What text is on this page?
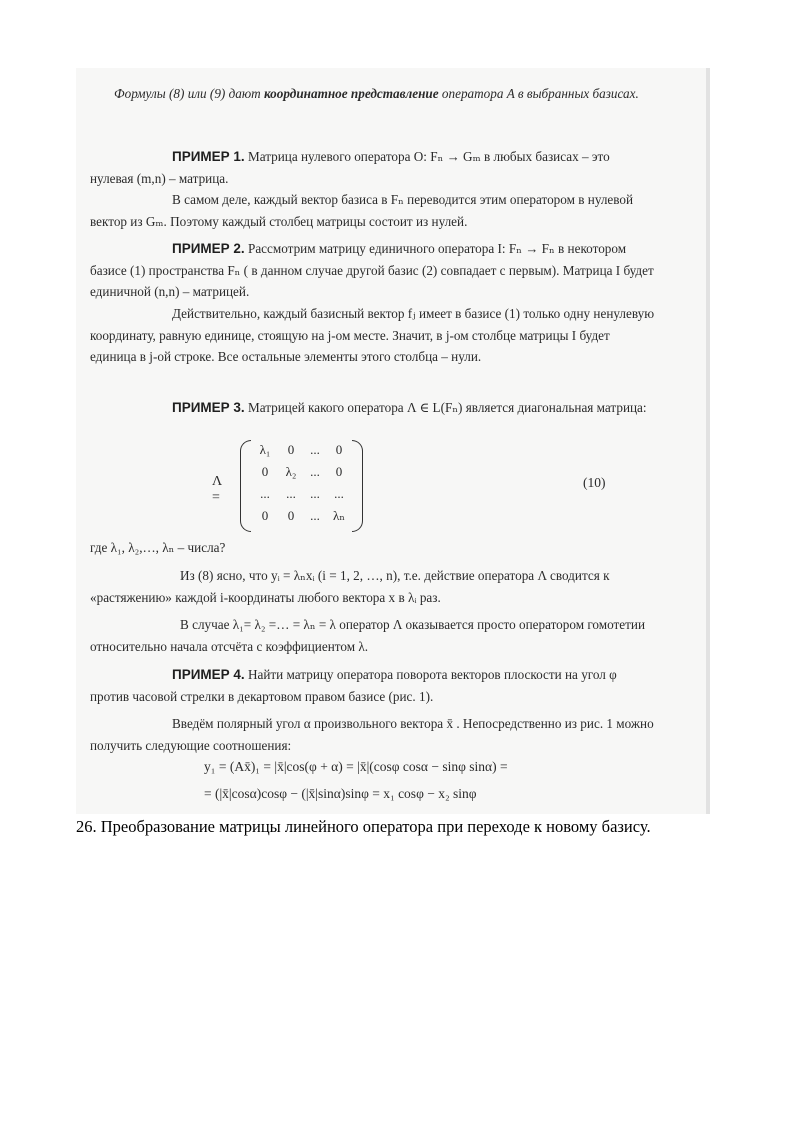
Формулы (8) или (9) дают координатное представление оператора A в выбранных базисах.

ПРИМЕР 1. Матрица нулевого оператора O: Fₙ → Gₘ в любых базисах – это нулевая (m,n) – матрица.

В самом деле, каждый вектор базиса в Fₙ переводится этим оператором в нулевой вектор из Gₘ. Поэтому каждый столбец матрицы состоит из нулей.

ПРИМЕР 2. Рассмотрим матрицу единичного оператора I: Fₙ → Fₙ в некотором базисе (1) пространства Fₙ ( в данном случае другой базис (2) совпадает с первым). Матрица I будет единичной (n,n) – матрицей.

Действительно, каждый базисный вектор fⱼ имеет в базисе (1) только одну ненулевую координату, равную единице, стоящую на j-ом месте. Значит, в j-ом столбце матрицы I будет единица в j-ой строке. Все остальные элементы этого столбца – нули.

ПРИМЕР 3. Матрицей какого оператора Λ ∈ L(Fₙ) является диагональная матрица:

Λ =
λ₁	0	...	0
0	λ₂	...	0
...	...	...	...
0	0	...	λₙ
(10)

где λ₁, λ₂,…, λₙ – числа?

Из (8) ясно, что yᵢ = λₙxᵢ (i = 1, 2, …, n), т.е. действие оператора Λ сводится к «растяжению» каждой i-координаты любого вектора x в λᵢ раз.

В случае λ₁= λ₂ =… = λₙ = λ оператор Λ оказывается просто оператором гомотетии относительно начала отсчёта с коэффициентом λ.

ПРИМЕР 4. Найти матрицу оператора поворота векторов плоскости на угол φ против часовой стрелки в декартовом правом базисе (рис. 1).

Введём полярный угол α произвольного вектора x̄ . Непосредственно из рис. 1 можно получить следующие соотношения:

y₁ = (Ax̄)₁ = |x̄|cos(φ + α) = |x̄|(cosφ cosα − sinφ sinα) =
= (|x̄|cosα)cosφ − (|x̄|sinα)sinφ = x₁ cosφ − x₂ sinφ
26. Преобразование матрицы линейного оператора при переходе к новому базису.
